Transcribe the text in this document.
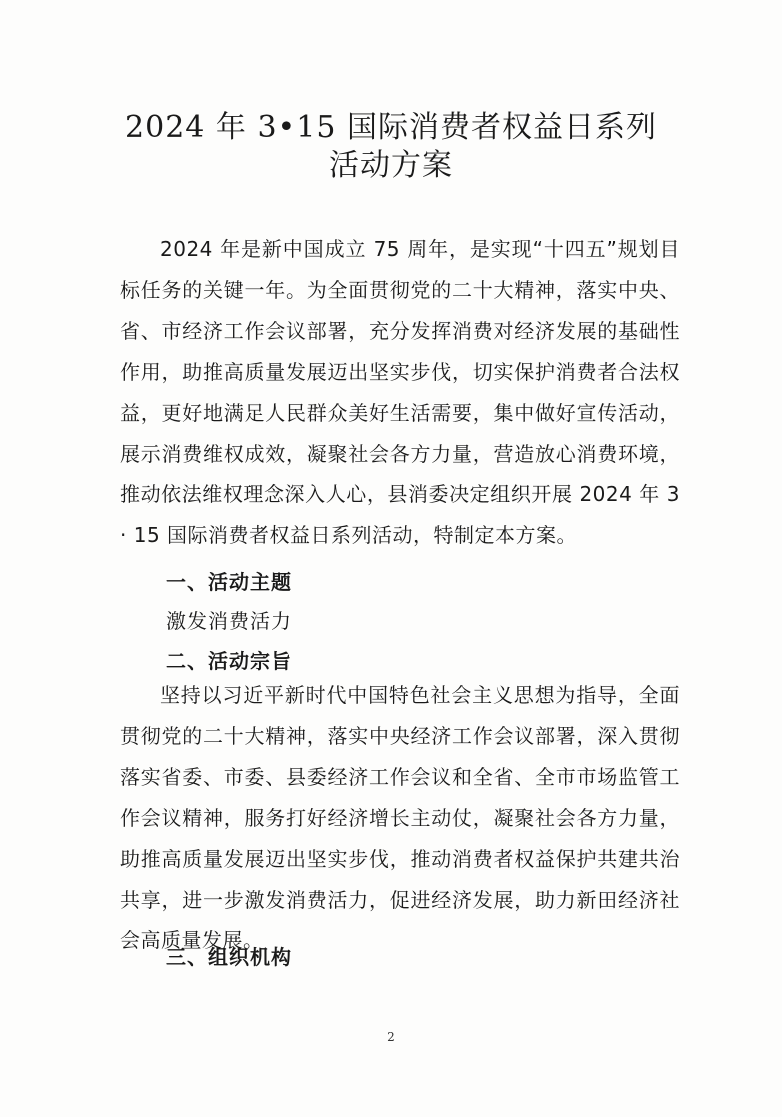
2024 年 3•15 国际消费者权益日系列
活动方案

2024 年是新中国成立 75 周年，是实现“十四五”规划目标任务的关键一年。为全面贯彻党的二十大精神，落实中央、省、市经济工作会议部署，充分发挥消费对经济发展的基础性作用，助推高质量发展迈出坚实步伐，切实保护消费者合法权益，更好地满足人民群众美好生活需要，集中做好宣传活动，展示消费维权成效，凝聚社会各方力量，营造放心消费环境，推动依法维权理念深入人心，县消委决定组织开展 2024 年 3 · 15 国际消费者权益日系列活动，特制定本方案。

一、活动主题

激发消费活力

二、活动宗旨

坚持以习近平新时代中国特色社会主义思想为指导，全面贯彻党的二十大精神，落实中央经济工作会议部署，深入贯彻落实省委、市委、县委经济工作会议和全省、全市市场监管工作会议精神，服务打好经济增长主动仗，凝聚社会各方力量，助推高质量发展迈出坚实步伐，推动消费者权益保护共建共治共享，进一步激发消费活力，促进经济发展，助力新田经济社会高质量发展。

三、组织机构
2
